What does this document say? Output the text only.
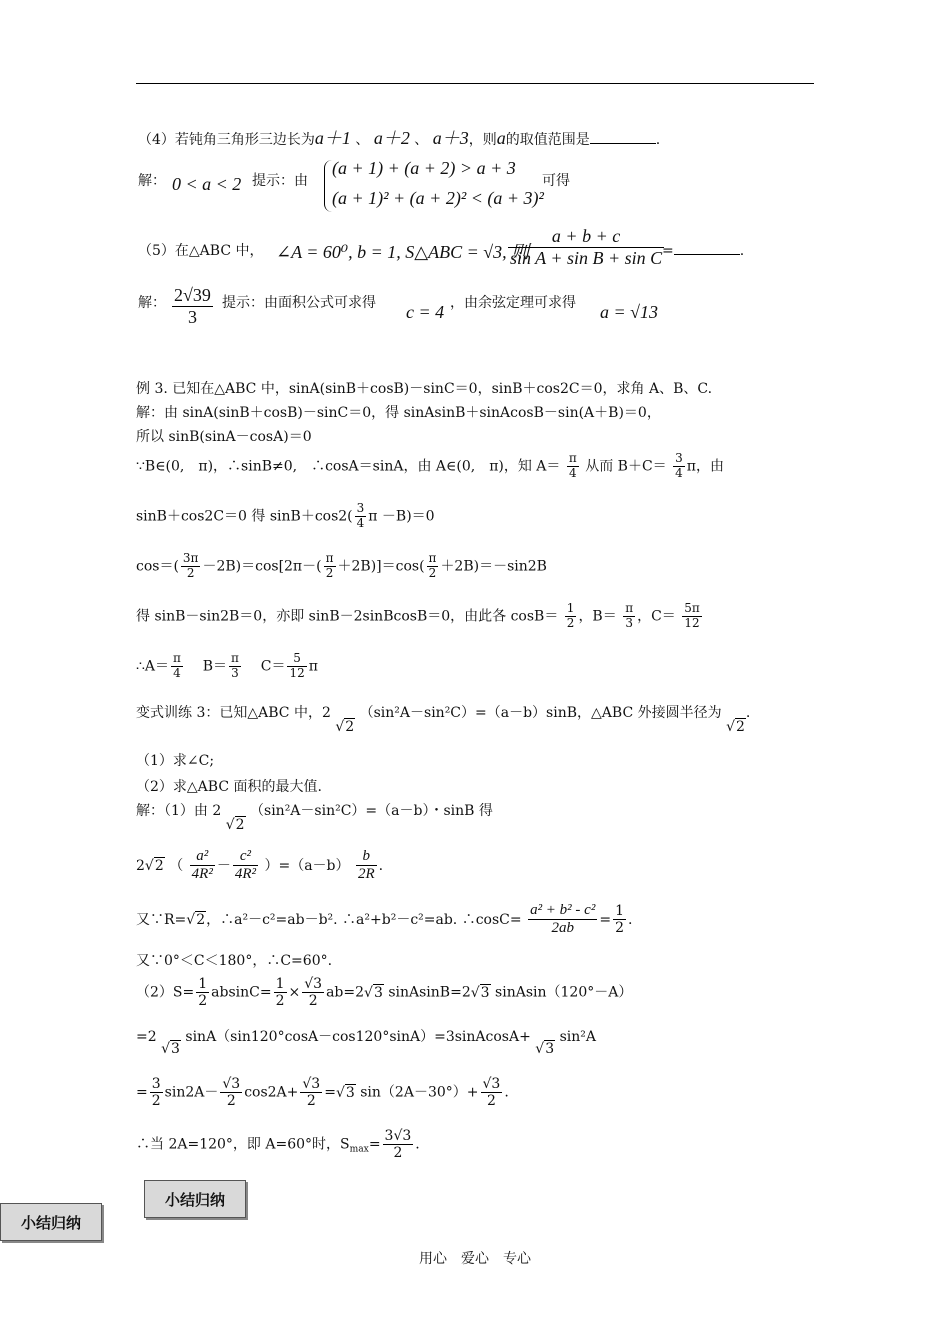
（4）若钝角三角形三边长为a＋1 、 a＋2 、 a＋3，则a的取值范围是	.
解： 0 < a < 2 提示：由
(a + 1) + (a + 2) > a + 3
(a + 1)² + (a + 2)² < (a + 3)²
可得
（5）在△ABC 中， ∠A = 60⁰, b = 1, S△ABC = √3, 则
$\frac{a + b + c}{\text{sin A + sin B + sin C}}$
=	.
解： $\frac{2√39}{3}$ 提示：由面积公式可求得 c = 4 ，由余弦定理可求得 a = √13
例 3. 已知在△ABC 中，sinA(sinB＋cosB)－sinC＝0，sinB＋cos2C＝0，求角 A、B、C.
解：由 sinA(sinB＋cosB)－sinC＝0，得 sinAsinB＋sinAcosB－sin(A＋B)＝0，
所以 sinB(sinA－cosA)＝0
∵B∈(0,　π)，∴sinB≠0,　∴cosA＝sinA，由 A∈(0,　π)，知 $A= \frac{\pi}{4}$ 从而 $B+C= \frac{3}{4}$ π，由
sinB＋cos2C＝0 得 $\sin B+\cos 2( \frac{3}{4}$ π －B)＝0
$\cos=( \frac{3\pi}{2} -2B)=\cos[2\pi-( \frac{\pi}{2} +2B)]=\cos( \frac{\pi}{2} +2B)=-\sin 2B$
得 sinB－sin2B＝0，亦即 sinB－2sinBcosB＝0，由此各 $\cos B= \frac{1}{2}$ ，$B= \frac{\pi}{3}$ ，$C= \frac{5\pi}{12}$
∴A＝ $\frac{\pi}{4} B= \frac{\pi}{3} C= \frac{5}{12}$ π
变式训练 3：已知△ABC 中，2 √2 （sin²A－sin²C）=（a－b）sinB，△ABC 外接圆半径为 √2.
（1）求∠C;
（2）求△ABC 面积的最大值.
解：（1）由 2 √2 （sin²A－sin²C）=（a－b）・sinB 得
2√2 （ $\frac{\text{a²}}{\text{4R²}} - \frac{\text{c²}}{\text{4R²}} )=(a-b) \frac{b}{2R}$ .
又∵R=√2，∴a²－c²=ab－b². ∴a²+b²－c²=ab. ∴cosC= $\frac{\text{a² + b² - c²}}{2ab} = \frac{1}{2}$ .
又∵0°＜C＜180°，∴C=60°.
$(2)S= \frac{1}{2} absinC= \frac{1}{2} \times \frac{√3}{2} ab=2√3$ sinAsinB=2√3 sinAsin（120°－A）
=2 √3 sinA（sin120°cosA－cos120°sinA）=3sinAcosA+ √3 sin²A
= $\frac{3}{2} \sin 2A- \frac{√3}{2} \cos 2A+ \frac{√3}{2} =√3$ $\sin(2A-30^\circ)+ \frac{√3}{2}$ .
∴当 2A=120°，即 A=60°时，$S_{max}= \frac{3√3}{2}$ .
小结归纳
小结归纳
用心　爱心　专心
